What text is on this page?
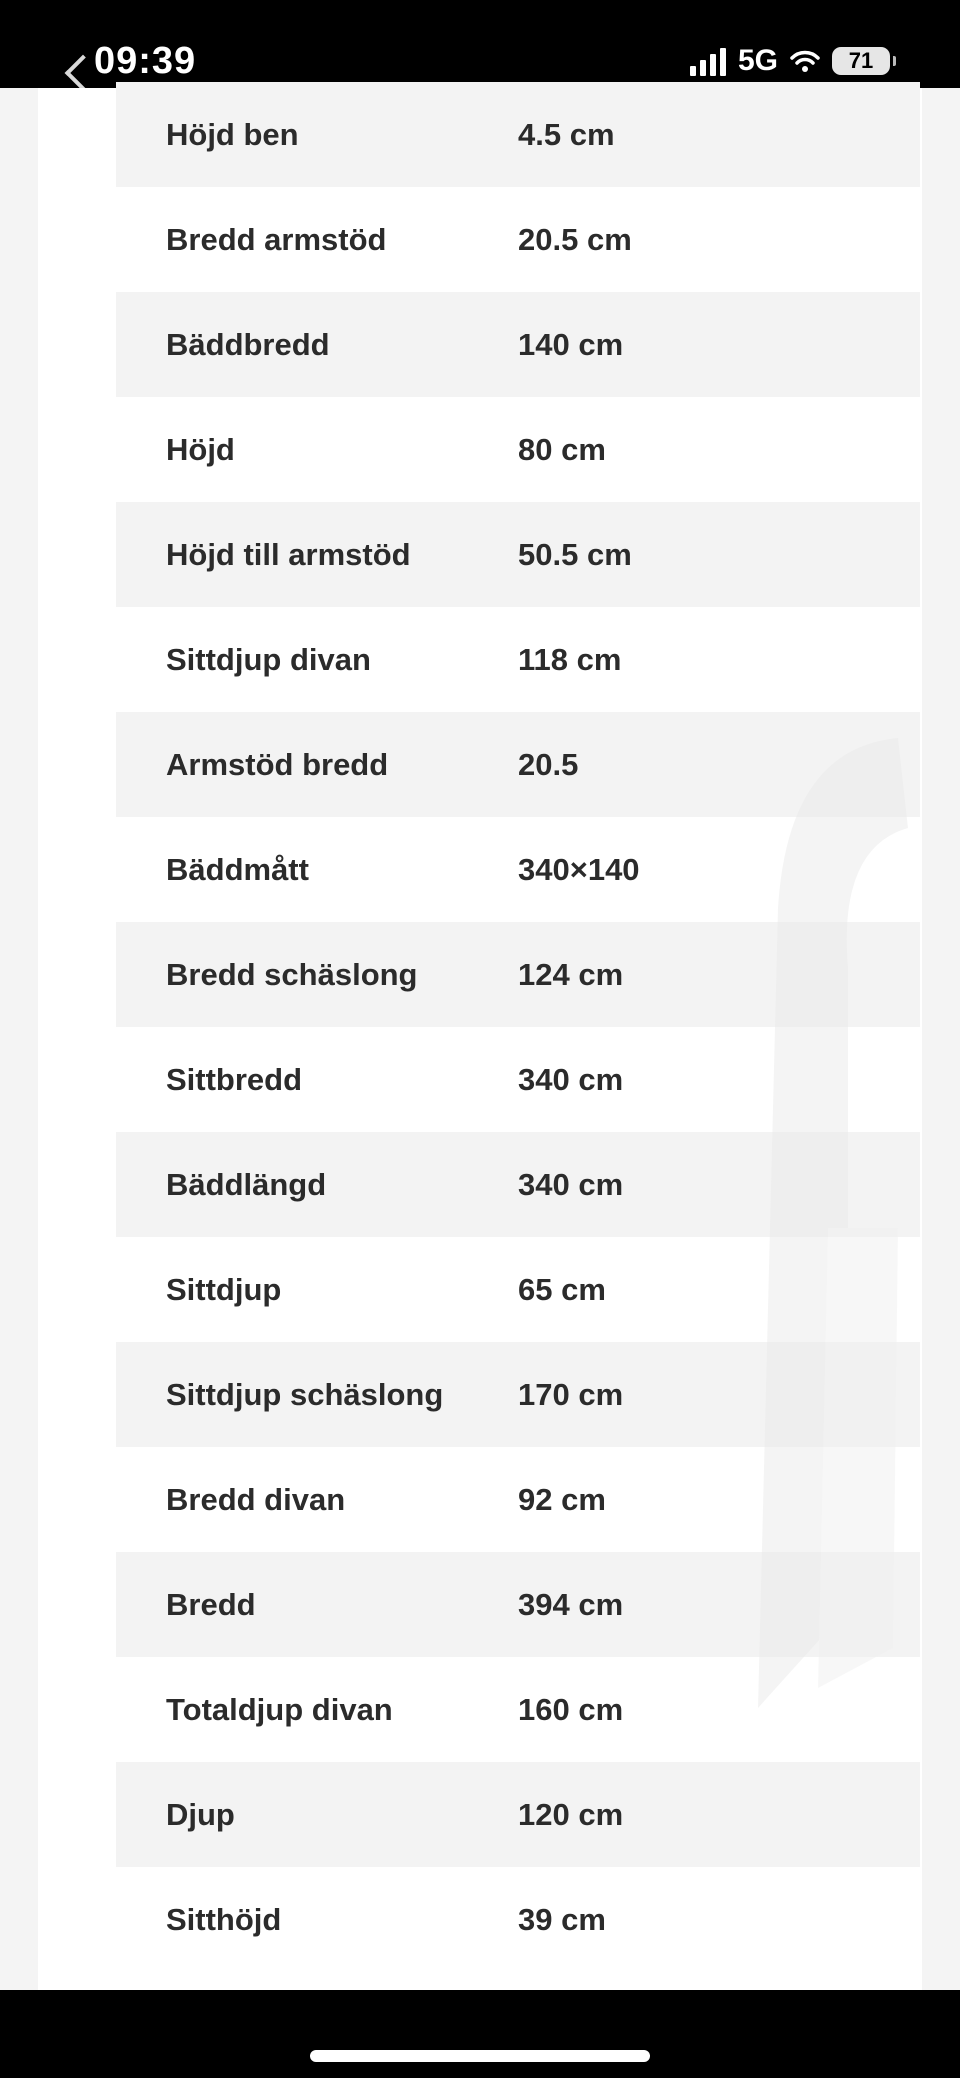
09:39	5G	71
Höjd ben	4.5 cm
Bredd armstöd	20.5 cm
Bäddbredd	140 cm
Höjd	80 cm
Höjd till armstöd	50.5 cm
Sittdjup divan	118 cm
Armstöd bredd	20.5
Bäddmått	340×140
Bredd schäslong	124 cm
Sittbredd	340 cm
Bäddlängd	340 cm
Sittdjup	65 cm
Sittdjup schäslong	170 cm
Bredd divan	92 cm
Bredd	394 cm
Totaldjup divan	160 cm
Djup	120 cm
Sitthöjd	39 cm
